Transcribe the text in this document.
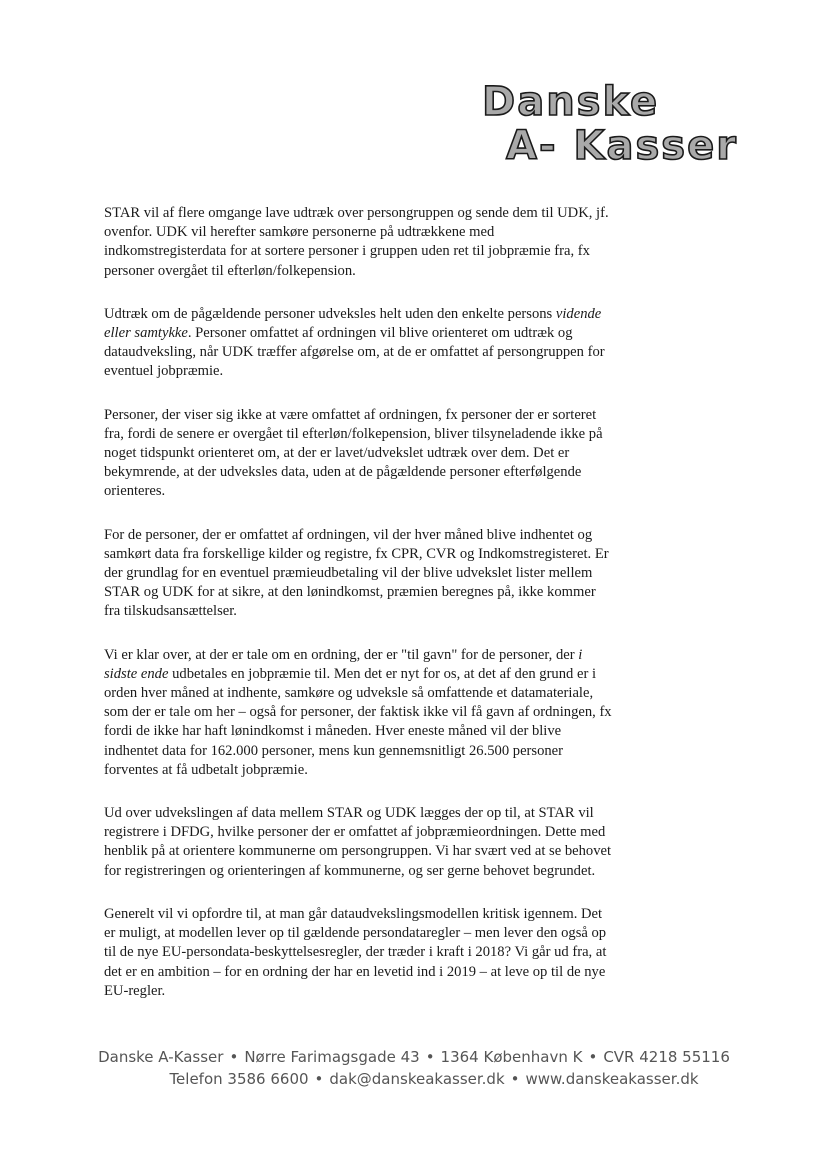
Danske
A- Kasser

STAR vil af flere omgange lave udtræk over persongruppen og sende dem til UDK, jf. ovenfor. UDK vil herefter samkøre personerne på udtrækkene med indkomstregisterdata for at sortere personer i gruppen uden ret til jobpræmie fra, fx personer overgået til efterløn/folkepension.

Udtræk om de pågældende personer udveksles helt uden den enkelte persons vidende eller samtykke. Personer omfattet af ordningen vil blive orienteret om udtræk og dataudveksling, når UDK træffer afgørelse om, at de er omfattet af persongruppen for eventuel jobpræmie.

Personer, der viser sig ikke at være omfattet af ordningen, fx personer der er sorteret fra, fordi de senere er overgået til efterløn/folkepension, bliver tilsyneladende ikke på noget tidspunkt orienteret om, at der er lavet/udvekslet udtræk over dem. Det er bekymrende, at der udveksles data, uden at de pågældende personer efterfølgende orienteres.

For de personer, der er omfattet af ordningen, vil der hver måned blive indhentet og samkørt data fra forskellige kilder og registre, fx CPR, CVR og Indkomstregisteret. Er der grundlag for en eventuel præmieudbetaling vil der blive udvekslet lister mellem STAR og UDK for at sikre, at den lønindkomst, præmien beregnes på, ikke kommer fra tilskudsansættelser.

Vi er klar over, at der er tale om en ordning, der er "til gavn" for de personer, der i sidste ende udbetales en jobpræmie til. Men det er nyt for os, at det af den grund er i orden hver måned at indhente, samkøre og udveksle så omfattende et datamateriale, som der er tale om her – også for personer, der faktisk ikke vil få gavn af ordningen, fx fordi de ikke har haft lønindkomst i måneden. Hver eneste måned vil der blive indhentet data for 162.000 personer, mens kun gennemsnitligt 26.500 personer forventes at få udbetalt jobpræmie.

Ud over udvekslingen af data mellem STAR og UDK lægges der op til, at STAR vil registrere i DFDG, hvilke personer der er omfattet af jobpræmieordningen. Dette med henblik på at orientere kommunerne om persongruppen. Vi har svært ved at se behovet for registreringen og orienteringen af kommunerne, og ser gerne behovet begrundet.

Generelt vil vi opfordre til, at man går dataudvekslingsmodellen kritisk igennem. Det er muligt, at modellen lever op til gældende persondataregler – men lever den også op til de nye EU-persondata-beskyttelsesregler, der træder i kraft i 2018? Vi går ud fra, at det er en ambition – for en ordning der har en levetid ind i 2019 – at leve op til de nye EU-regler.

Danske A-Kasser • Nørre Farimagsgade 43 • 1364 København K • CVR 4218 55116
Telefon 3586 6600 • dak@danskeakasser.dk • www.danskeakasser.dk
